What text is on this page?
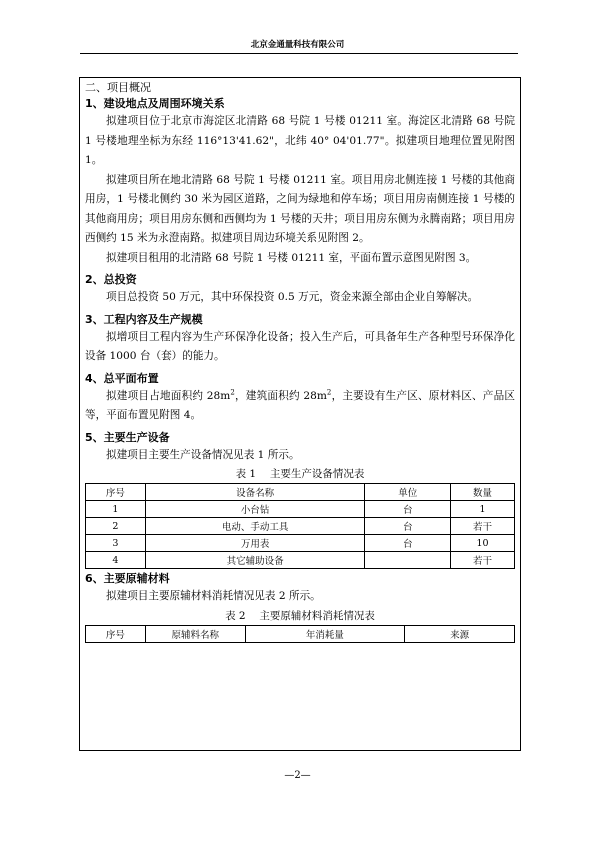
北京金通量科技有限公司
二、项目概况
1、建设地点及周围环境关系

拟建项目位于北京市海淀区北清路 68 号院 1 号楼 01211 室。海淀区北清路 68 号院 1 号楼地理坐标为东经 116°13'41.62"，北纬 40° 04'01.77"。拟建项目地理位置见附图 1。

拟建项目所在地北清路 68 号院 1 号楼 01211 室。项目用房北侧连接 1 号楼的其他商用房，1 号楼北侧约 30 米为园区道路，之间为绿地和停车场；项目用房南侧连接 1 号楼的其他商用房；项目用房东侧和西侧均为 1 号楼的天井；项目用房东侧为永腾南路；项目用房西侧约 15 米为永澄南路。拟建项目周边环境关系见附图 2。

拟建项目租用的北清路 68 号院 1 号楼 01211 室，平面布置示意图见附图 3。

2、总投资

项目总投资 50 万元，其中环保投资 0.5 万元，资金来源全部由企业自筹解决。

3、工程内容及生产规模

拟增项目工程内容为生产环保净化设备；投入生产后，可具备年生产各种型号环保净化设备 1000 台（套）的能力。

4、总平面布置

拟建项目占地面积约 $28m^2$，建筑面积约 $28m^2$，主要设有生产区、原材料区、产品区等，平面布置见附图 4。

5、主要生产设备

拟建项目主要生产设备情况见表 1 所示。

表 1　 主要生产设备情况表
序号	设备名称	单位	数量
1	小台钻	台	1
2	电动、手动工具	台	若干
3	万用表	台	10
4	其它辅助设备		若干
6、主要原辅材料

拟建项目主要原辅材料消耗情况见表 2 所示。

表 2　 主要原辅材料消耗情况表
序号	原辅料名称	年消耗量	来源
—2—
